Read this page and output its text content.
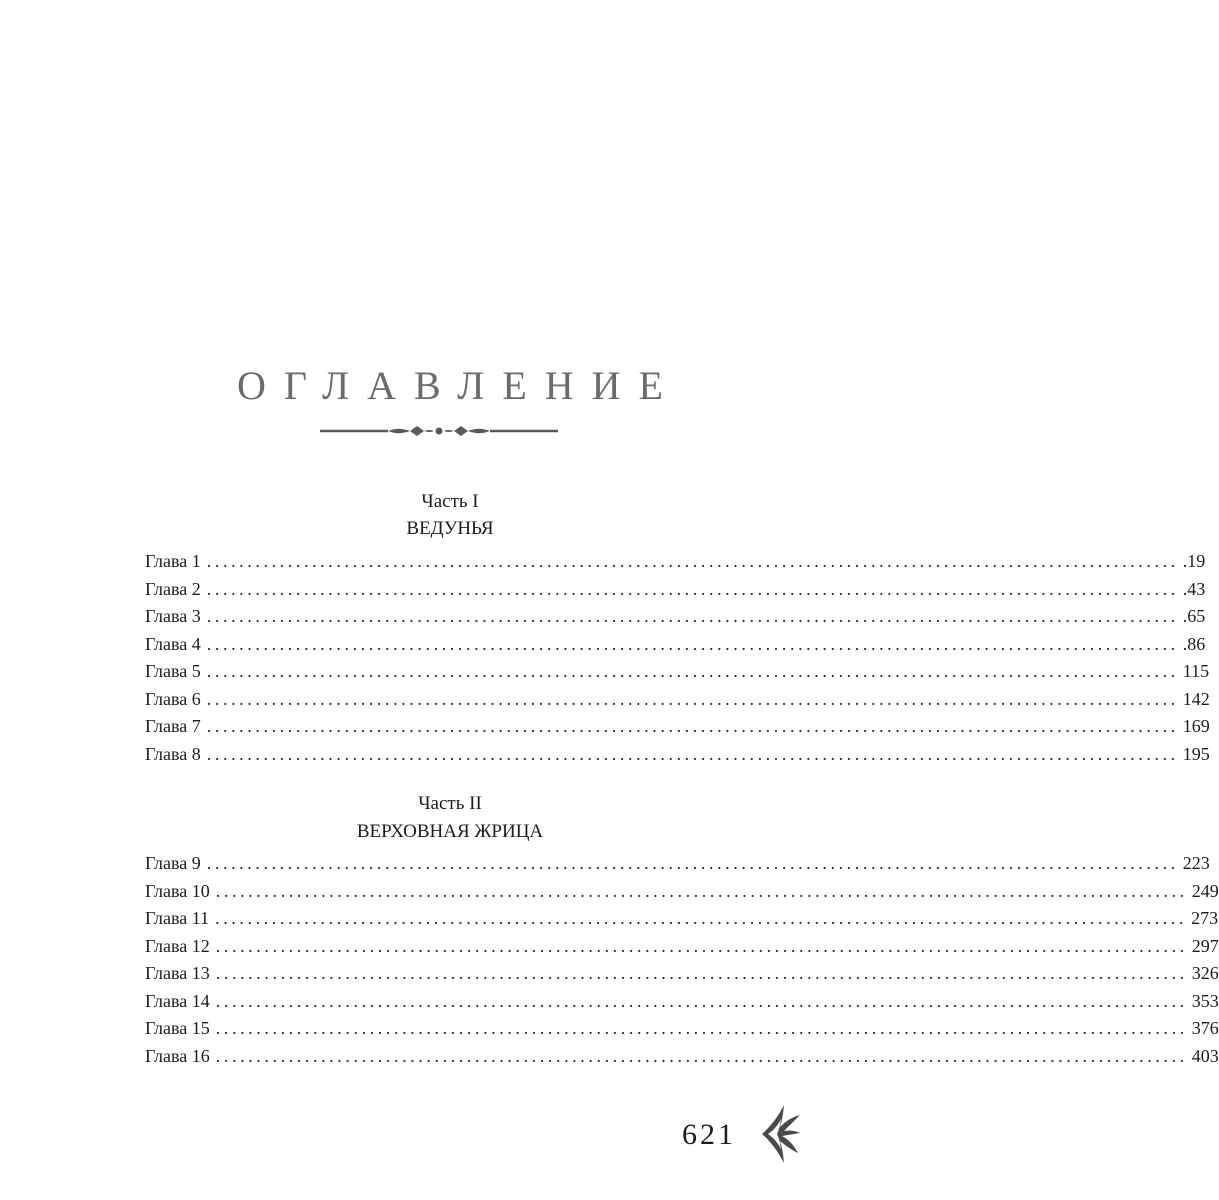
ОГЛАВЛЕНИЕ
Часть I
ВЕДУНЬЯ
Глава 1 ........................................................................................................................ .19
Глава 2 ........................................................................................................................ .43
Глава 3 ........................................................................................................................ .65
Глава 4 ........................................................................................................................ .86
Глава 5 ........................................................................................................................ 115
Глава 6 ........................................................................................................................ 142
Глава 7 ........................................................................................................................ 169
Глава 8 ........................................................................................................................ 195
Часть II
ВЕРХОВНАЯ ЖРИЦА
Глава 9 ........................................................................................................................ 223
Глава 10 ........................................................................................................................ 249
Глава 11 ........................................................................................................................ 273
Глава 12 ........................................................................................................................ 297
Глава 13 ........................................................................................................................ 326
Глава 14 ........................................................................................................................ 353
Глава 15 ........................................................................................................................ 376
Глава 16 ........................................................................................................................ 403
621
